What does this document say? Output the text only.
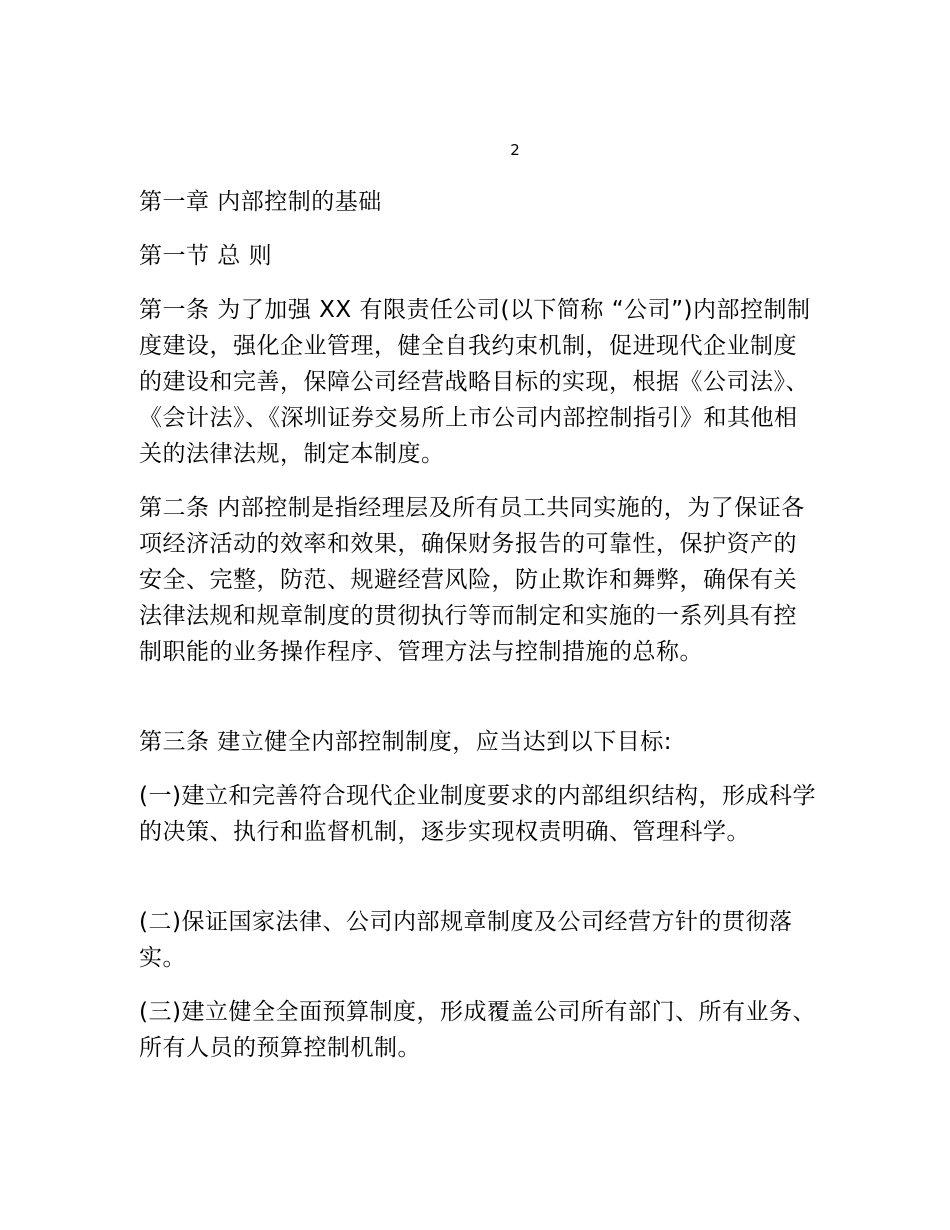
2
第一章 内部控制的基础
第一节 总 则

第一条 为了加强 XX 有限责任公司(以下简称 “公司”)内部控制制度建设，强化企业管理，健全自我约束机制，促进现代企业制度的建设和完善，保障公司经营战略目标的实现，根据《公司法》、《会计法》、《深圳证券交易所上市公司内部控制指引》和其他相关的法律法规，制定本制度。

第二条 内部控制是指经理层及所有员工共同实施的，为了保证各项经济活动的效率和效果，确保财务报告的可靠性，保护资产的安全、完整，防范、规避经营风险，防止欺诈和舞弊，确保有关法律法规和规章制度的贯彻执行等而制定和实施的一系列具有控制职能的业务操作程序、管理方法与控制措施的总称。

第三条 建立健全内部控制制度，应当达到以下目标:

(一)建立和完善符合现代企业制度要求的内部组织结构，形成科学的决策、执行和监督机制，逐步实现权责明确、管理科学。

(二)保证国家法律、公司内部规章制度及公司经营方针的贯彻落实。

(三)建立健全全面预算制度，形成覆盖公司所有部门、所有业务、所有人员的预算控制机制。
